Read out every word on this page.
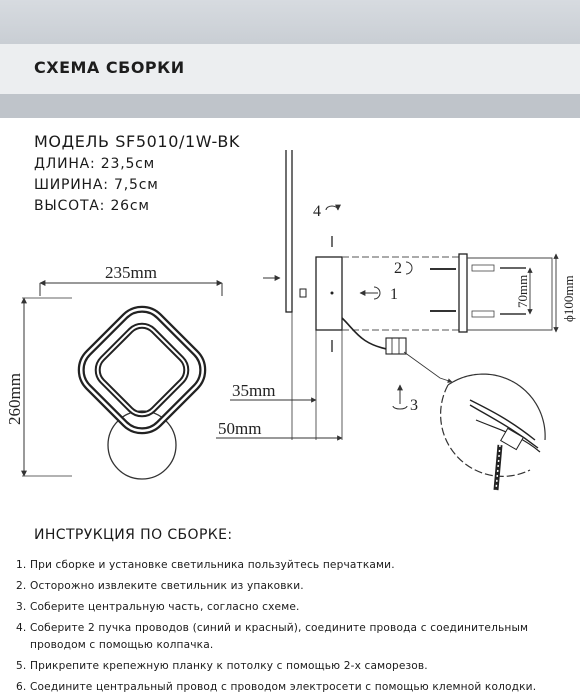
СХЕМА СБОРКИ
МОДЕЛЬ SF5010/1W-BK
ДЛИНА: 23,5см
ШИРИНА: 7,5см
ВЫСОТА: 26см
235mm
260mm
4
1
2
70mm ϕ100mm
3
35mm
50mm
ИНСТРУКЦИЯ ПО СБОРКЕ:
1. При сборке и установке светильника пользуйтесь перчатками.
2. Осторожно извлеките светильник из упаковки.
3. Соберите центральную часть, согласно схеме.
4. Соберите 2 пучка проводов (синий и красный), соедините провода с соединительным проводом с помощью колпачка.
5. Прикрепите крепежную планку к потолку с помощью 2-х саморезов.
6. Соедините центральный провод с проводом электросети с помощью клемной колодки.
